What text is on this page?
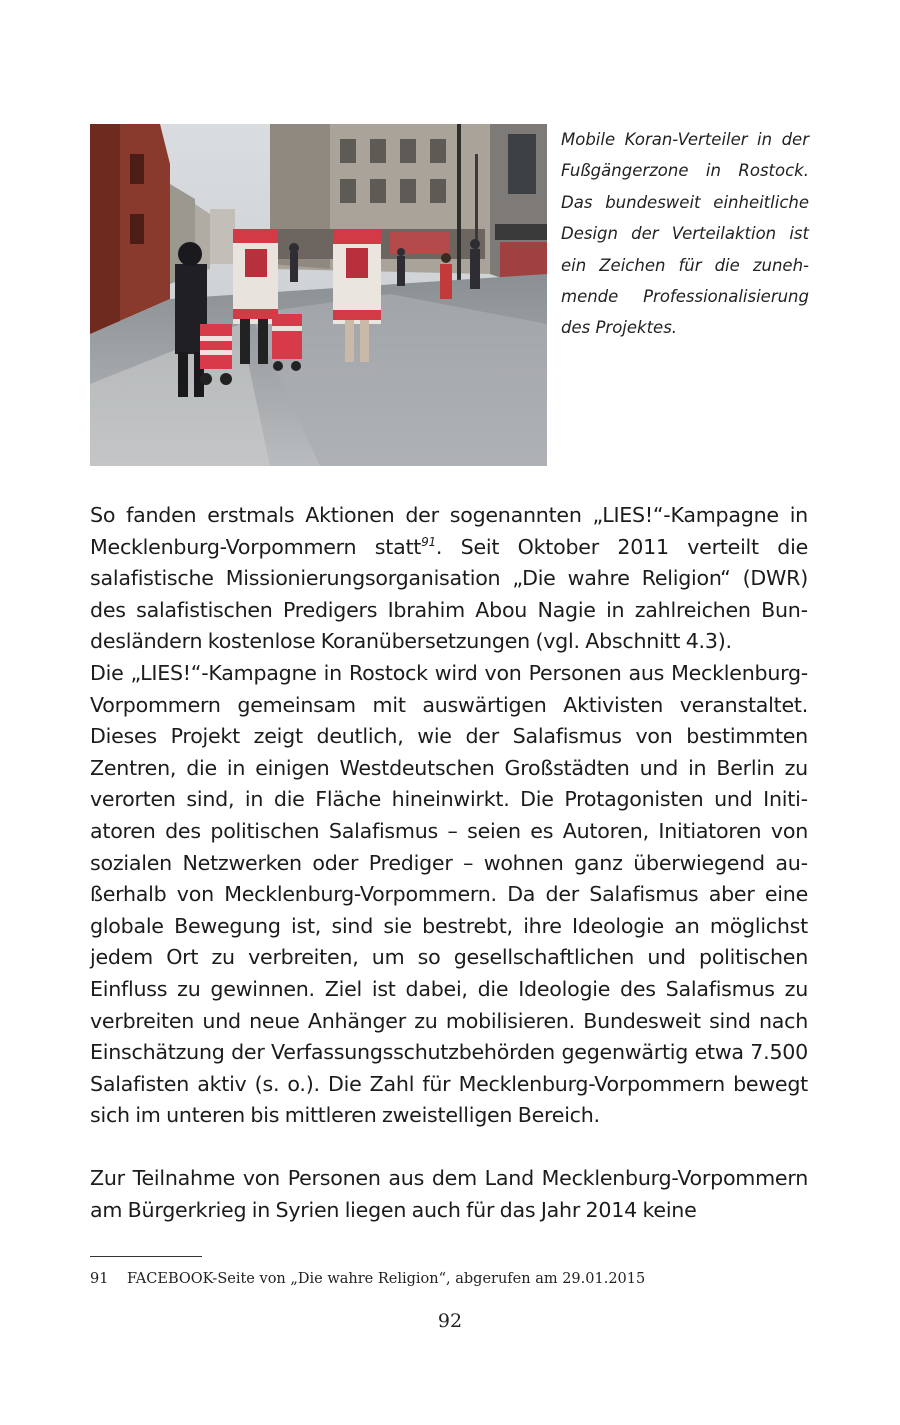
Mobile Koran-Verteiler in der Fußgängerzone in Rostock. Das bundesweit einheitliche Design der Verteilaktion ist ein Zeichen für die zunehmende Professionalisierung des Projektes.

So fanden erstmals Aktionen der sogenannten „LIES!“-Kampagne in Mecklenburg-Vorpommern statt$^{91}$. Seit Oktober 2011 verteilt die salafistische Missionierungsorganisation „Die wahre Religion“ (DWR) des salafistischen Predigers Ibrahim Abou Nagie in zahlreichen Bundesländern kostenlose Koranübersetzungen (vgl. Abschnitt 4.3).
Die „LIES!“-Kampagne in Rostock wird von Personen aus Mecklenburg-Vorpommern gemeinsam mit auswärtigen Aktivisten veranstaltet. Dieses Projekt zeigt deutlich, wie der Salafismus von bestimmten Zentren, die in einigen Westdeutschen Großstädten und in Berlin zu verorten sind, in die Fläche hineinwirkt. Die Protagonisten und Initiatoren des politischen Salafismus – seien es Autoren, Initiatoren von sozialen Netzwerken oder Prediger – wohnen ganz überwiegend außerhalb von Mecklenburg-Vorpommern. Da der Salafismus aber eine globale Bewegung ist, sind sie bestrebt, ihre Ideologie an möglichst jedem Ort zu verbreiten, um so gesellschaftlichen und politischen Einfluss zu gewinnen. Ziel ist dabei, die Ideologie des Salafismus zu verbreiten und neue Anhänger zu mobilisieren. Bundesweit sind nach Einschätzung der Verfassungsschutzbehörden gegenwärtig etwa 7.500 Salafisten aktiv (s. o.). Die Zahl für Mecklenburg-Vorpommern bewegt sich im unteren bis mittleren zweistelligen Bereich.

Zur Teilnahme von Personen aus dem Land Mecklenburg-Vorpommern am Bürgerkrieg in Syrien liegen auch für das Jahr 2014 keine

91 FACEBOOK-Seite von „Die wahre Religion“, abgerufen am 29.01.2015

92
